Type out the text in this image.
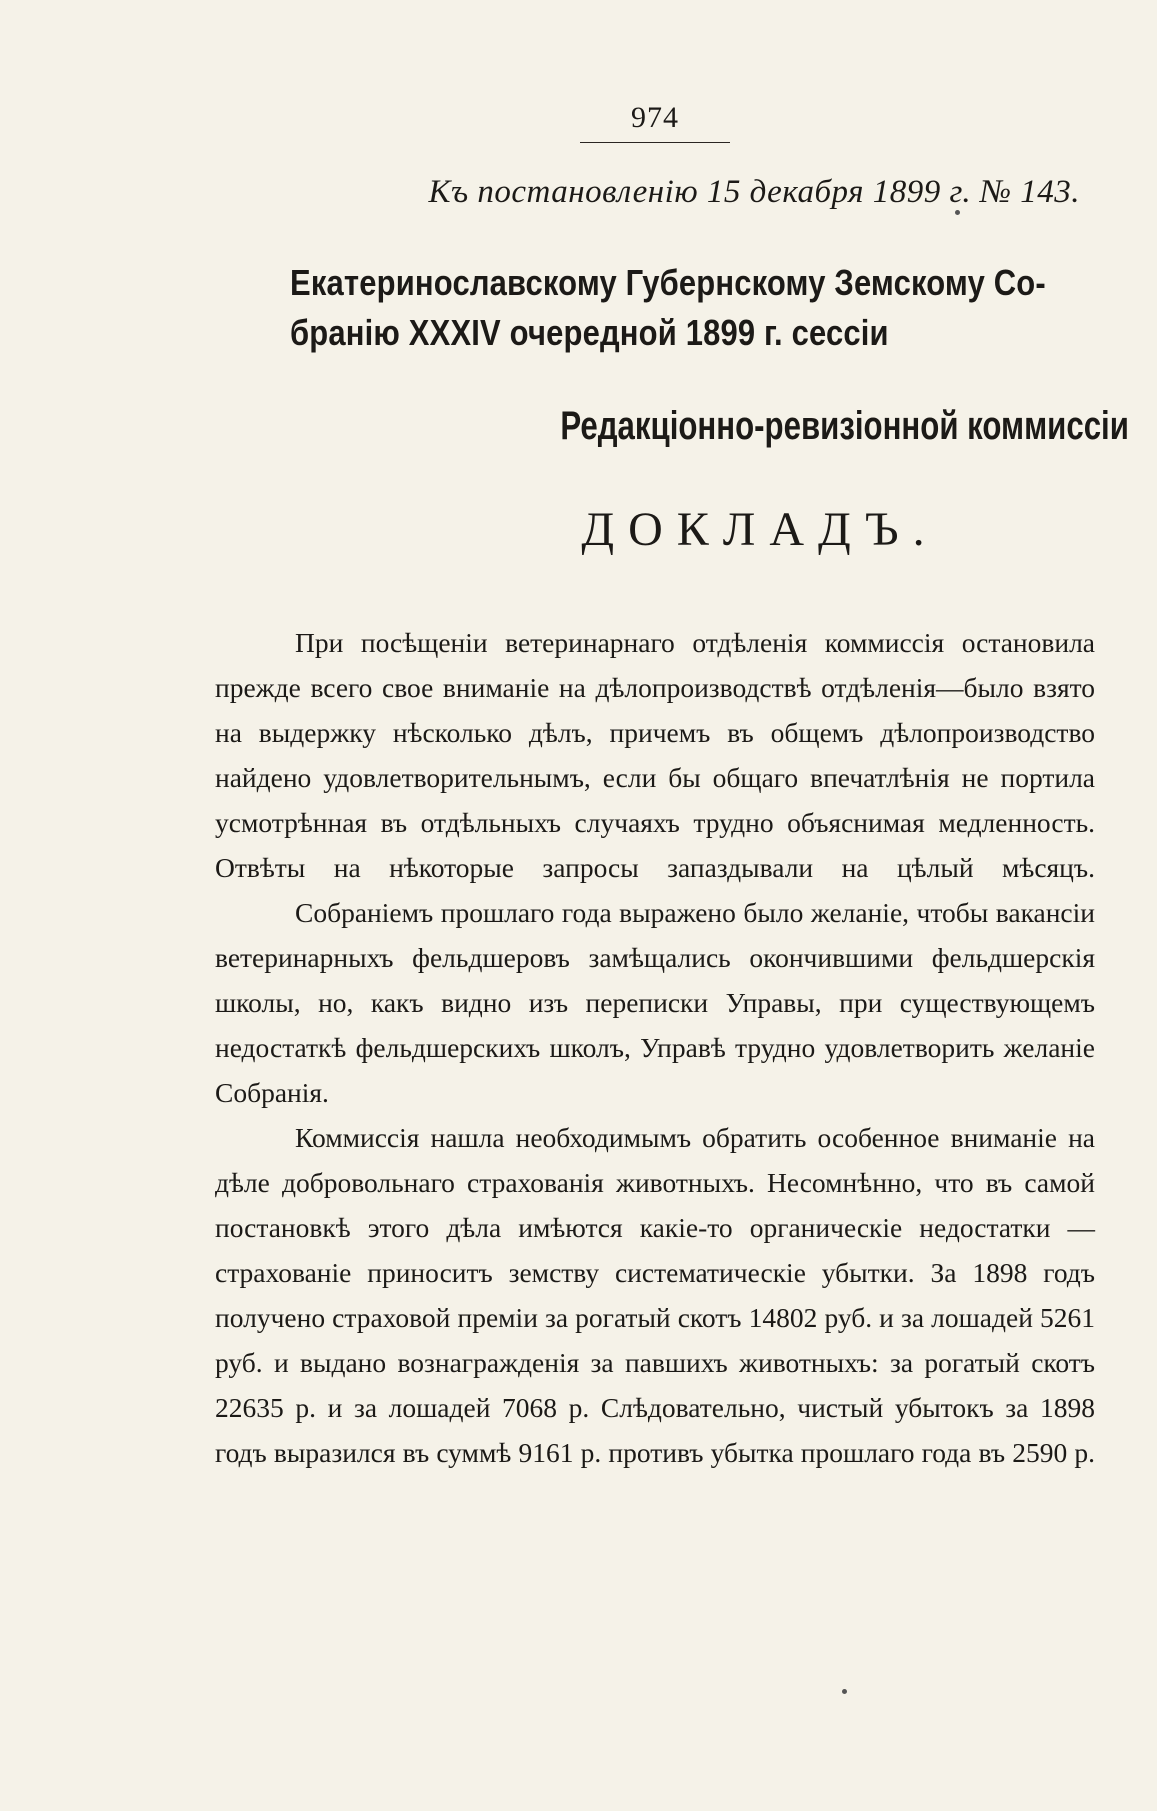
974
Къ постановленію 15 декабря 1899 г. № 143.
Екатеринославскому Губернскому Земскому Со-
бранію XXXIV очередной 1899 г. сессіи
Редакціонно-ревизіонной коммиссіи
ДОКЛАДЪ.

При посѣщеніи ветеринарнаго отдѣленія коммиссія остановила прежде всего свое вниманіе на дѣлопроизводствѣ отдѣленія—было взято на выдержку нѣсколько дѣлъ, причемъ въ общемъ дѣлопроизводство найдено удовлетворительнымъ, если бы общаго впечатлѣнія не портила усмотрѣнная въ отдѣльныхъ случаяхъ трудно объяснимая медленность. Отвѣты на нѣкоторые запросы запаздывали на цѣлый мѣсяцъ.

Собраніемъ прошлаго года выражено было желаніе, чтобы вакансіи ветеринарныхъ фельдшеровъ замѣщались окончившими фельдшерскія школы, но, какъ видно изъ переписки Управы, при существующемъ недостаткѣ фельдшерскихъ школъ, Управѣ трудно удовлетворить желаніе Собранія.

Коммиссія нашла необходимымъ обратить особенное вниманіе на дѣле добровольнаго страхованія животныхъ. Несомнѣнно, что въ самой постановкѣ этого дѣла имѣются какіе-то органическіе недостатки — страхованіе приноситъ земству систематическіе убытки. За 1898 годъ получено страховой преміи за рогатый скотъ 14802 руб. и за лошадей 5261 руб. и выдано вознагражденія за павшихъ животныхъ: за рогатый скотъ 22635 р. и за лошадей 7068 р. Слѣдовательно, чистый убытокъ за 1898 годъ выразился въ суммѣ 9161 р. противъ убытка прошлаго года въ 2590 р.
